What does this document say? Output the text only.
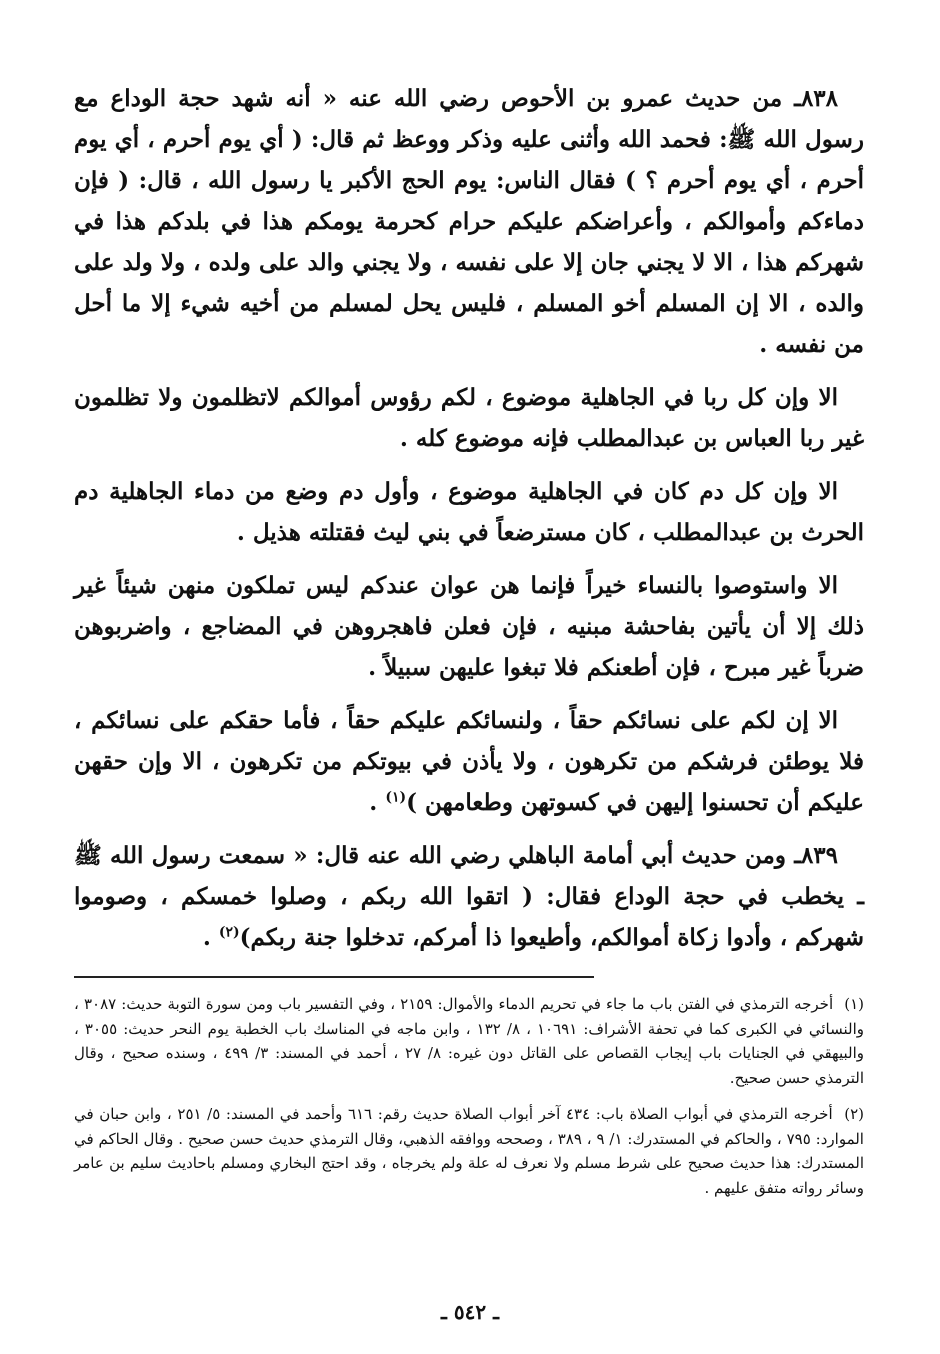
٨٣٨ـ من حديث عمرو بن الأحوص رضي الله عنه « أنه شهد حجة الوداع مع رسول الله ﷺ: فحمد الله وأثنى عليه وذكر ووعظ ثم قال: ( أي يوم أحرم ، أي يوم أحرم ، أي يوم أحرم ؟ ) فقال الناس: يوم الحج الأكبر يا رسول الله ، قال: ( فإن دماءكم وأموالكم ، وأعراضكم عليكم حرام كحرمة يومكم هذا في بلدكم هذا في شهركم هذا ، الا لا يجني جان إلا على نفسه ، ولا يجني والد على ولده ، ولا ولد على والده ، الا إن المسلم أخو المسلم ، فليس يحل لمسلم من أخيه شيء إلا ما أحل من نفسه .

الا وإن كل ربا في الجاهلية موضوع ، لكم رؤوس أموالكم لاتظلمون ولا تظلمون غير ربا العباس بن عبدالمطلب فإنه موضوع كله .

الا وإن كل دم كان في الجاهلية موضوع ، وأول دم وضع من دماء الجاهلية دم الحرث بن عبدالمطلب ، كان مسترضعاً في بني ليث فقتلته هذيل .

الا واستوصوا بالنساء خيراً فإنما هن عوان عندكم ليس تملكون منهن شيئاً غير ذلك إلا أن يأتين بفاحشة مبنيه ، فإن فعلن فاهجروهن في المضاجع ، واضربوهن ضرباً غير مبرح ، فإن أطعنكم فلا تبغوا عليهن سبيلاً .

الا إن لكم على نسائكم حقاً ، ولنسائكم عليكم حقاً ، فأما حقكم على نسائكم ، فلا يوطئن فرشكم من تكرهون ، ولا يأذن في بيوتكم من تكرهون ، الا وإن حقهن عليكم أن تحسنوا إليهن في كسوتهن وطعامهن )$^{(١)}$ .

٨٣٩ـ ومن حديث أبي أمامة الباهلي رضي الله عنه قال: « سمعت رسول الله ﷺ ـ يخطب في حجة الوداع فقال: ( اتقوا الله ربكم ، وصلوا خمسكم ، وصوموا شهركم ، وأدوا زكاة أموالكم، وأطيعوا ذا أمركم، تدخلوا جنة ربكم)$^{(٢)}$ .

(١) أخرجه الترمذي في الفتن باب ما جاء في تحريم الدماء والأموال: ٢١٥٩ ، وفي التفسير باب ومن سورة التوبة حديث: ٣٠٨٧ ، والنسائي في الكبرى كما في تحفة الأشراف: ١٠٦٩١ ، ٨/ ١٣٢ ، وابن ماجه في المناسك باب الخطبة يوم النحر حديث: ٣٠٥٥ ، والبيهقي في الجنايات باب إيجاب القصاص على القاتل دون غيره: ٨/ ٢٧ ، أحمد في المسند: ٣/ ٤٩٩ ، وسنده صحيح ، وقال الترمذي حسن صحيح.

(٢) أخرجه الترمذي في أبواب الصلاة باب: ٤٣٤ آخر أبواب الصلاة حديث رقم: ٦١٦ وأحمد في المسند: ٥/ ٢٥١ ، وابن حبان في الموارد: ٧٩٥ ، والحاكم في المستدرك: ١/ ٩ ، ٣٨٩ ، وصححه ووافقه الذهبي، وقال الترمذي حديث حسن صحيح . وقال الحاكم في المستدرك: هذا حديث صحيح على شرط مسلم ولا نعرف له علة ولم يخرجاه ، وقد احتج البخاري ومسلم باحاديث سليم بن عامر وسائر رواته متفق عليهم .

ـ ٥٤٢ ـ
